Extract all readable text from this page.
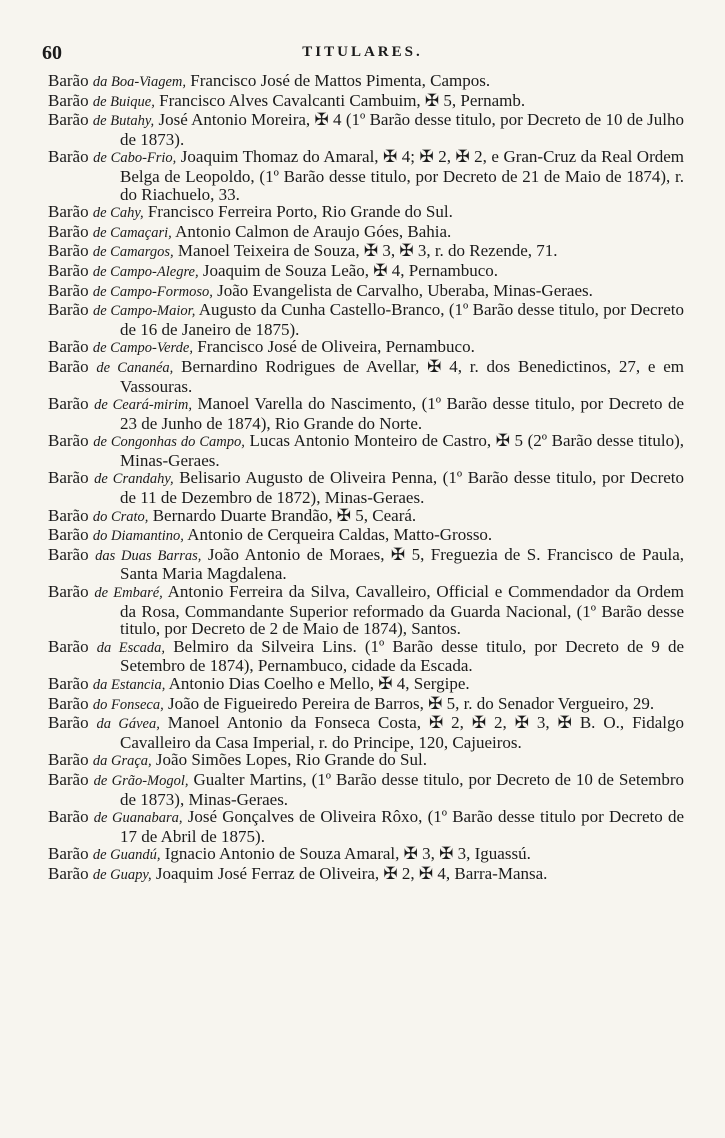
60	TITULARES.

Barão da Boa-Viagem, Francisco José de Mattos Pimenta, Campos.

Barão de Buique, Francisco Alves Cavalcanti Cambuim, ✠ 5, Pernamb.

Barão de Butahy, José Antonio Moreira, ✠ 4 (1º Barão desse titulo, por Decreto de 10 de Julho de 1873).

Barão de Cabo-Frio, Joaquim Thomaz do Amaral, ✠ 4; ✠ 2, ✠ 2, e Gran-Cruz da Real Ordem Belga de Leopoldo, (1º Barão desse titulo, por Decreto de 21 de Maio de 1874), r. do Riachuelo, 33.

Barão de Cahy, Francisco Ferreira Porto, Rio Grande do Sul.

Barão de Camaçari, Antonio Calmon de Araujo Góes, Bahia.

Barão de Camargos, Manoel Teixeira de Souza, ✠ 3, ✠ 3, r. do Rezende, 71.

Barão de Campo-Alegre, Joaquim de Souza Leão, ✠ 4, Pernambuco.

Barão de Campo-Formoso, João Evangelista de Carvalho, Uberaba, Minas-Geraes.

Barão de Campo-Maior, Augusto da Cunha Castello-Branco, (1º Barão desse titulo, por Decreto de 16 de Janeiro de 1875).

Barão de Campo-Verde, Francisco José de Oliveira, Pernambuco.

Barão de Cananéa, Bernardino Rodrigues de Avellar, ✠ 4, r. dos Benedictinos, 27, e em Vassouras.

Barão de Ceará-mirim, Manoel Varella do Nascimento, (1º Barão desse titulo, por Decreto de 23 de Junho de 1874), Rio Grande do Norte.

Barão de Congonhas do Campo, Lucas Antonio Monteiro de Castro, ✠ 5 (2º Barão desse titulo), Minas-Geraes.

Barão de Crandahy, Belisario Augusto de Oliveira Penna, (1º Barão desse titulo, por Decreto de 11 de Dezembro de 1872), Minas-Geraes.

Barão do Crato, Bernardo Duarte Brandão, ✠ 5, Ceará.

Barão do Diamantino, Antonio de Cerqueira Caldas, Matto-Grosso.

Barão das Duas Barras, João Antonio de Moraes, ✠ 5, Freguezia de S. Francisco de Paula, Santa Maria Magdalena.

Barão de Embaré, Antonio Ferreira da Silva, Cavalleiro, Official e Commendador da Ordem da Rosa, Commandante Superior reformado da Guarda Nacional, (1º Barão desse titulo, por Decreto de 2 de Maio de 1874), Santos.

Barão da Escada, Belmiro da Silveira Lins. (1º Barão desse titulo, por Decreto de 9 de Setembro de 1874), Pernambuco, cidade da Escada.

Barão da Estancia, Antonio Dias Coelho e Mello, ✠ 4, Sergipe.

Barão do Fonseca, João de Figueiredo Pereira de Barros, ✠ 5, r. do Senador Vergueiro, 29.

Barão da Gávea, Manoel Antonio da Fonseca Costa, ✠ 2, ✠ 2, ✠ 3, ✠ B. O., Fidalgo Cavalleiro da Casa Imperial, r. do Principe, 120, Cajueiros.

Barão da Graça, João Simões Lopes, Rio Grande do Sul.

Barão de Grão-Mogol, Gualter Martins, (1º Barão desse titulo, por Decreto de 10 de Setembro de 1873), Minas-Geraes.

Barão de Guanabara, José Gonçalves de Oliveira Rôxo, (1º Barão desse titulo por Decreto de 17 de Abril de 1875).

Barão de Guandú, Ignacio Antonio de Souza Amaral, ✠ 3, ✠ 3, Iguassú.

Barão de Guapy, Joaquim José Ferraz de Oliveira, ✠ 2, ✠ 4, Barra-Mansa.
